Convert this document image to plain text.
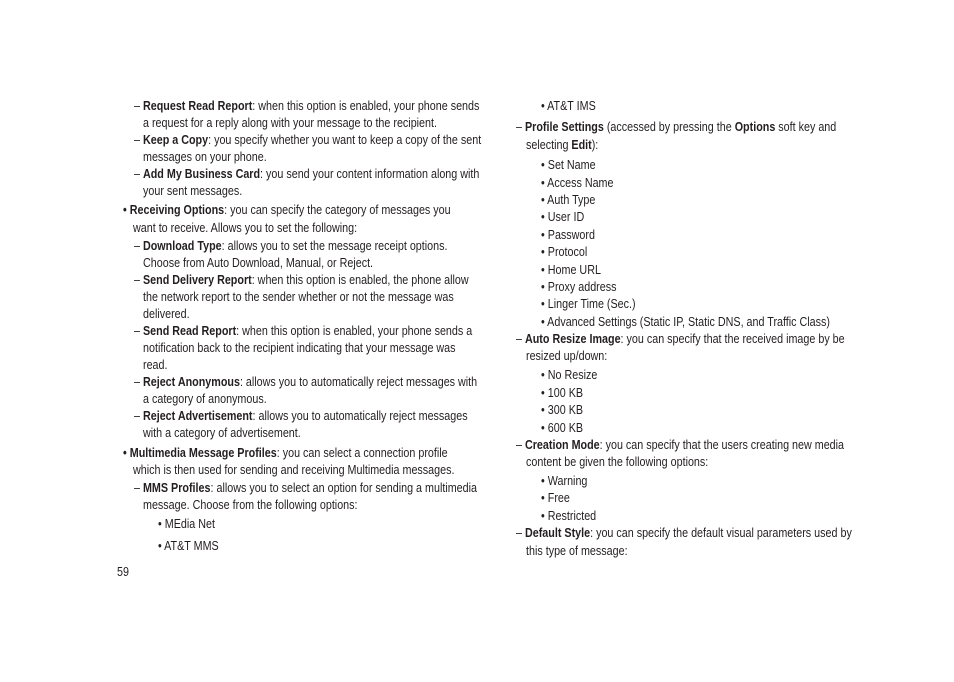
– Request Read Report: when this option is enabled, your phone sends
a request for a reply along with your message to the recipient.
– Keep a Copy: you specify whether you want to keep a copy of the sent
messages on your phone.
– Add My Business Card: you send your content information along with
your sent messages.
• Receiving Options: you can specify the category of messages you
want to receive. Allows you to set the following:
– Download Type: allows you to set the message receipt options.
Choose from Auto Download, Manual, or Reject.
– Send Delivery Report: when this option is enabled, the phone allow
the network report to the sender whether or not the message was
delivered.
– Send Read Report: when this option is enabled, your phone sends a
notification back to the recipient indicating that your message was
read.
– Reject Anonymous: allows you to automatically reject messages with
a category of anonymous.
– Reject Advertisement: allows you to automatically reject messages
with a category of advertisement.
• Multimedia Message Profiles: you can select a connection profile
which is then used for sending and receiving Multimedia messages.
– MMS Profiles: allows you to select an option for sending a multimedia
message. Choose from the following options:
• MEdia Net
• AT&T MMS
59
• AT&T IMS
– Profile Settings (accessed by pressing the Options soft key and
selecting Edit):
• Set Name
• Access Name
• Auth Type
• User ID
• Password
• Protocol
• Home URL
• Proxy address
• Linger Time (Sec.)
• Advanced Settings (Static IP, Static DNS, and Traffic Class)
– Auto Resize Image: you can specify that the received image by be
resized up/down:
• No Resize
• 100 KB
• 300 KB
• 600 KB
– Creation Mode: you can specify that the users creating new media
content be given the following options:
• Warning
• Free
• Restricted
– Default Style: you can specify the default visual parameters used by
this type of message:
